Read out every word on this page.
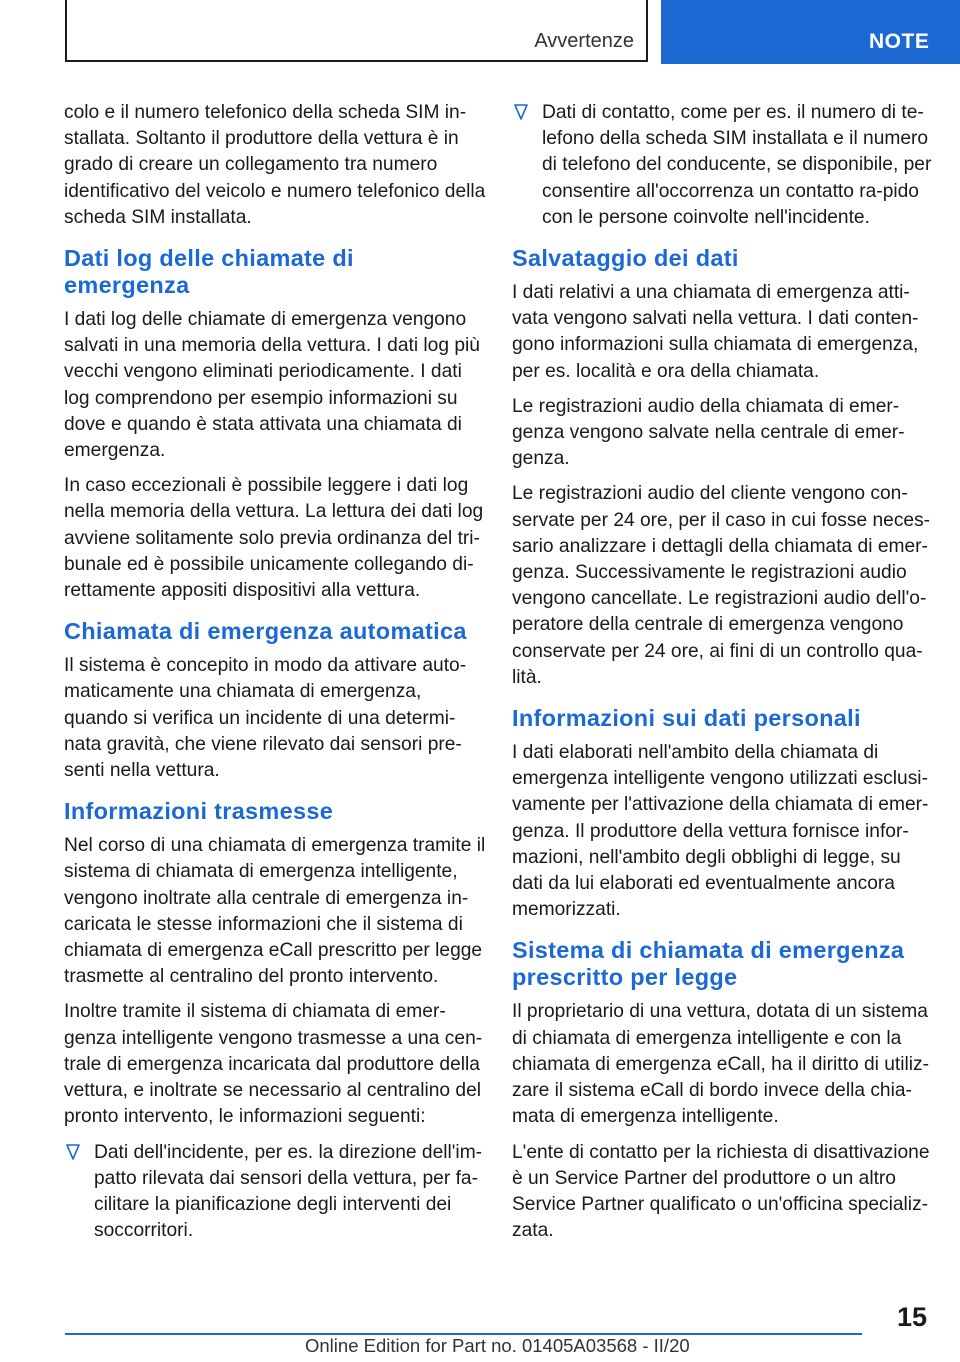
Avvertenze	NOTE

colo e il numero telefonico della scheda SIM in-stallata. Soltanto il produttore della vettura è in grado di creare un collegamento tra numero identificativo del veicolo e numero telefonico della scheda SIM installata.

Dati log delle chiamate di emergenza

I dati log delle chiamate di emergenza vengono salvati in una memoria della vettura. I dati log più vecchi vengono eliminati periodicamente. I dati log comprendono per esempio informazioni su dove e quando è stata attivata una chiamata di emergenza.

In caso eccezionali è possibile leggere i dati log nella memoria della vettura. La lettura dei dati log avviene solitamente solo previa ordinanza del tri-bunale ed è possibile unicamente collegando di-rettamente appositi dispositivi alla vettura.

Chiamata di emergenza automatica

Il sistema è concepito in modo da attivare auto-maticamente una chiamata di emergenza, quando si verifica un incidente di una determi-nata gravità, che viene rilevato dai sensori pre-senti nella vettura.

Informazioni trasmesse

Nel corso di una chiamata di emergenza tramite il sistema di chiamata di emergenza intelligente, vengono inoltrate alla centrale di emergenza in-caricata le stesse informazioni che il sistema di chiamata di emergenza eCall prescritto per legge trasmette al centralino del pronto intervento.

Inoltre tramite il sistema di chiamata di emer-genza intelligente vengono trasmesse a una cen-trale di emergenza incaricata dal produttore della vettura, e inoltrate se necessario al centralino del pronto intervento, le informazioni seguenti:

Dati dell'incidente, per es. la direzione dell'im-patto rilevata dai sensori della vettura, per fa-cilitare la pianificazione degli interventi dei soccorritori.
Dati di contatto, come per es. il numero di te-lefono della scheda SIM installata e il numero di telefono del conducente, se disponibile, per consentire all'occorrenza un contatto ra-pido con le persone coinvolte nell'incidente.
Salvataggio dei dati

I dati relativi a una chiamata di emergenza atti-vata vengono salvati nella vettura. I dati conten-gono informazioni sulla chiamata di emergenza, per es. località e ora della chiamata.

Le registrazioni audio della chiamata di emer-genza vengono salvate nella centrale di emer-genza.

Le registrazioni audio del cliente vengono con-servate per 24 ore, per il caso in cui fosse neces-sario analizzare i dettagli della chiamata di emer-genza. Successivamente le registrazioni audio vengono cancellate. Le registrazioni audio dell'o-peratore della centrale di emergenza vengono conservate per 24 ore, ai fini di un controllo qua-lità.

Informazioni sui dati personali

I dati elaborati nell'ambito della chiamata di emergenza intelligente vengono utilizzati esclusi-vamente per l'attivazione della chiamata di emer-genza. Il produttore della vettura fornisce infor-mazioni, nell'ambito degli obblighi di legge, su dati da lui elaborati ed eventualmente ancora memorizzati.

Sistema di chiamata di emergenza prescritto per legge

Il proprietario di una vettura, dotata di un sistema di chiamata di emergenza intelligente e con la chiamata di emergenza eCall, ha il diritto di utiliz-zare il sistema eCall di bordo invece della chia-mata di emergenza intelligente.

L'ente di contatto per la richiesta di disattivazione è un Service Partner del produttore o un altro Service Partner qualificato o un'officina specializ-zata.

15
Online Edition for Part no. 01405A03568 - II/20
